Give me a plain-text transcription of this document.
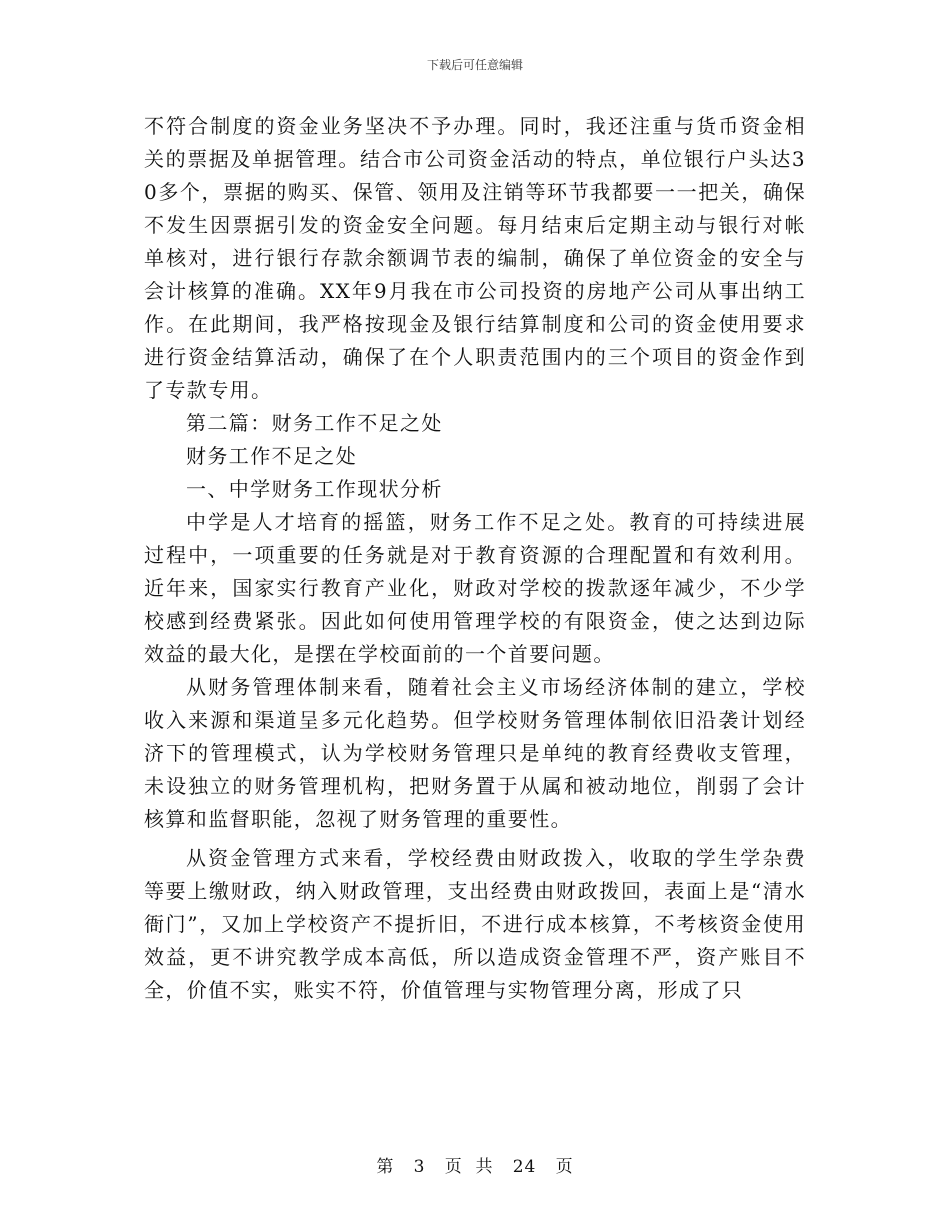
下载后可任意编辑

不符合制度的资金业务坚决不予办理。同时，我还注重与货币资金相关的票据及单据管理。结合市公司资金活动的特点，单位银行户头达30多个，票据的购买、保管、领用及注销等环节我都要一一把关，确保不发生因票据引发的资金安全问题。每月结束后定期主动与银行对帐单核对，进行银行存款余额调节表的编制，确保了单位资金的安全与会计核算的准确。XX年9月我在市公司投资的房地产公司从事出纳工作。在此期间，我严格按现金及银行结算制度和公司的资金使用要求进行资金结算活动，确保了在个人职责范围内的三个项目的资金作到了专款专用。

第二篇：财务工作不足之处

财务工作不足之处

一、中学财务工作现状分析

中学是人才培育的摇篮，财务工作不足之处。教育的可持续进展过程中，一项重要的任务就是对于教育资源的合理配置和有效利用。近年来，国家实行教育产业化，财政对学校的拨款逐年减少，不少学校感到经费紧张。因此如何使用管理学校的有限资金，使之达到边际效益的最大化，是摆在学校面前的一个首要问题。

从财务管理体制来看，随着社会主义市场经济体制的建立，学校收入来源和渠道呈多元化趋势。但学校财务管理体制依旧沿袭计划经济下的管理模式，认为学校财务管理只是单纯的教育经费收支管理，未设独立的财务管理机构，把财务置于从属和被动地位，削弱了会计核算和监督职能，忽视了财务管理的重要性。

从资金管理方式来看，学校经费由财政拨入，收取的学生学杂费等要上缴财政，纳入财政管理，支出经费由财政拨回，表面上是“清水衙门”，又加上学校资产不提折旧，不进行成本核算，不考核资金使用效益，更不讲究教学成本高低，所以造成资金管理不严，资产账目不全，价值不实，账实不符，价值管理与实物管理分离，形成了只

第 3 页  共 24 页
